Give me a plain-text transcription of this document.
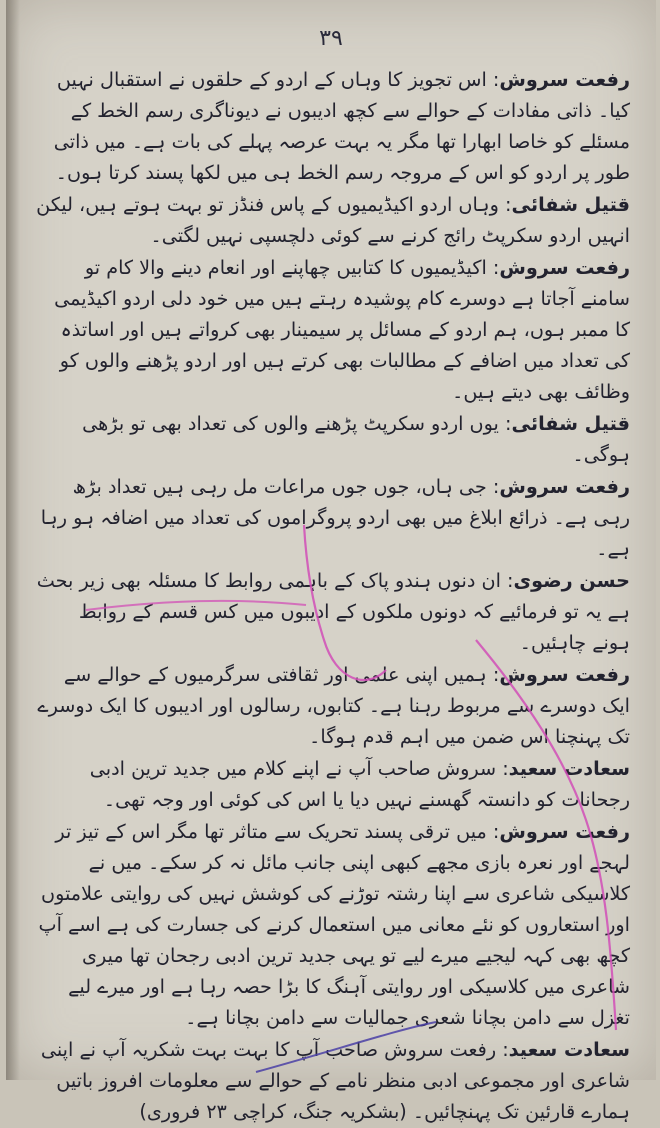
۳۹

رفعت سروش: اس تجویز کا وہاں کے اردو کے حلقوں نے استقبال نہیں کیا۔ ذاتی مفادات کے حوالے سے کچھ ادیبوں نے دیوناگری رسم الخط کے مسئلے کو خاصا ابھارا تھا مگر یہ بہت عرصہ پہلے کی بات ہے۔ میں ذاتی طور پر اردو کو اس کے مروجہ رسم الخط ہی میں لکھا پسند کرتا ہوں۔

قتیل شفائی: وہاں اردو اکیڈیمیوں کے پاس فنڈز تو بہت ہوتے ہیں، لیکن انہیں اردو سکرپٹ رائج کرنے سے کوئی دلچسپی نہیں لگتی۔

رفعت سروش: اکیڈیمیوں کا کتابیں چھاپنے اور انعام دینے والا کام تو سامنے آجاتا ہے دوسرے کام پوشیدہ رہتے ہیں میں خود دلی اردو اکیڈیمی کا ممبر ہوں، ہم اردو کے مسائل پر سیمینار بھی کرواتے ہیں اور اساتذہ کی تعداد میں اضافے کے مطالبات بھی کرتے ہیں اور اردو پڑھنے والوں کو وظائف بھی دیتے ہیں۔

قتیل شفائی: یوں اردو سکرپٹ پڑھنے والوں کی تعداد بھی تو بڑھی ہوگی۔

رفعت سروش: جی ہاں، جوں جوں مراعات مل رہی ہیں تعداد بڑھ رہی ہے۔ ذرائع ابلاغ میں بھی اردو پروگراموں کی تعداد میں اضافہ ہو رہا ہے۔

حسن رضوی: ان دنوں ہندو پاک کے باہمی روابط کا مسئلہ بھی زیر بحث ہے یہ تو فرمائیے کہ دونوں ملکوں کے ادیبوں میں کس قسم کے روابط ہونے چاہئیں۔

رفعت سروش: ہمیں اپنی علمی اور ثقافتی سرگرمیوں کے حوالے سے ایک دوسرے سے مربوط رہنا ہے۔ کتابوں، رسالوں اور ادیبوں کا ایک دوسرے تک پہنچنا اس ضمن میں اہم قدم ہوگا۔

سعادت سعید: سروش صاحب آپ نے اپنے کلام میں جدید ترین ادبی رجحانات کو دانستہ گھسنے نہیں دیا یا اس کی کوئی اور وجہ تھی۔

رفعت سروش: میں ترقی پسند تحریک سے متاثر تھا مگر اس کے تیز تر لہجے اور نعرہ بازی مجھے کبھی اپنی جانب مائل نہ کر سکے۔ میں نے کلاسیکی شاعری سے اپنا رشتہ توڑنے کی کوشش نہیں کی روایتی علامتوں اور استعاروں کو نئے معانی میں استعمال کرنے کی جسارت کی ہے اسے آپ کچھ بھی کہہ لیجیے میرے لیے تو یہی جدید ترین ادبی رجحان تھا میری شاعری میں کلاسیکی اور روایتی آہنگ کا بڑا حصہ رہا ہے اور میرے لیے تغزل سے دامن بچانا شعری جمالیات سے دامن بچانا ہے۔

سعادت سعید: رفعت سروش صاحب آپ کا بہت بہت شکریہ آپ نے اپنی شاعری اور مجموعی ادبی منظر نامے کے حوالے سے معلومات افروز باتیں ہمارے قارئین تک پہنچائیں۔ (بشکریہ جنگ، کراچی ۲۳ فروری)
